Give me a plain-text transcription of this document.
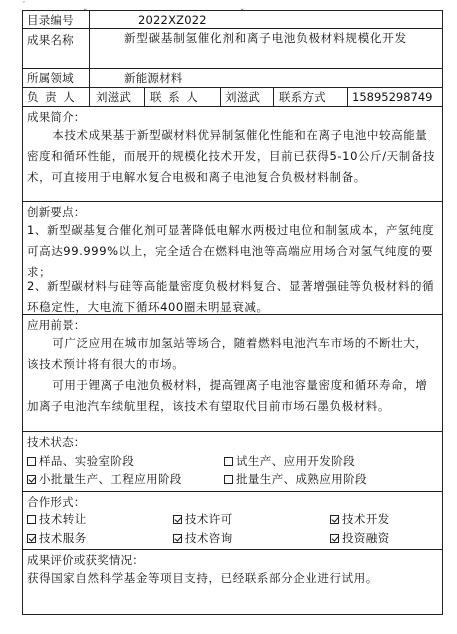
ˇ
目录编号 ˇ	2022XZ022	ˇ
成果名称	新型碳基制氢催化剂和离子电池负极材料规模化开发
所属领域	新能源材料
负 责 人 刘滋武 联 系 人 刘滋武 联系方式 15895298749
成果简介：
本技术成果基于新型碳材料优异制氢催化性能和在离子电池中较高能量密度和循环性能，而展开的规模化技术开发，目前已获得5-10公斤/天制备技术，可直接用于电解水复合电极和离子电池复合负极材料制备。
创新要点：
1、新型碳基复合催化剂可显著降低电解水两极过电位和制氢成本，产氢纯度可高达99.999%以上，完全适合在燃料电池等高端应用场合对氢气纯度的要求；
2、新型碳材料与硅等高能量密度负极材料复合、显著增强硅等负极材料的循环稳定性，大电流下循环400圈未明显衰减。
应用前景：
可广泛应用在城市加氢站等场合，随着燃料电池汽车市场的不断壮大，该技术预计将有很大的市场。
可用于锂离子电池负极材料，提高锂离子电池容量密度和循环寿命，增加离子电池汽车续航里程，该技术有望取代目前市场石墨负极材料。
技术状态：
样品、实验室阶段	试生产、应用开发阶段
小批量生产、工程应用阶段	批量生产、成熟应用阶段
合作形式：
技术转让	技术许可	技术开发
技术服务	技术咨询	投资融资
成果评价或获奖情况：
获得国家自然科学基金等项目支持，已经联系部分企业进行试用。
